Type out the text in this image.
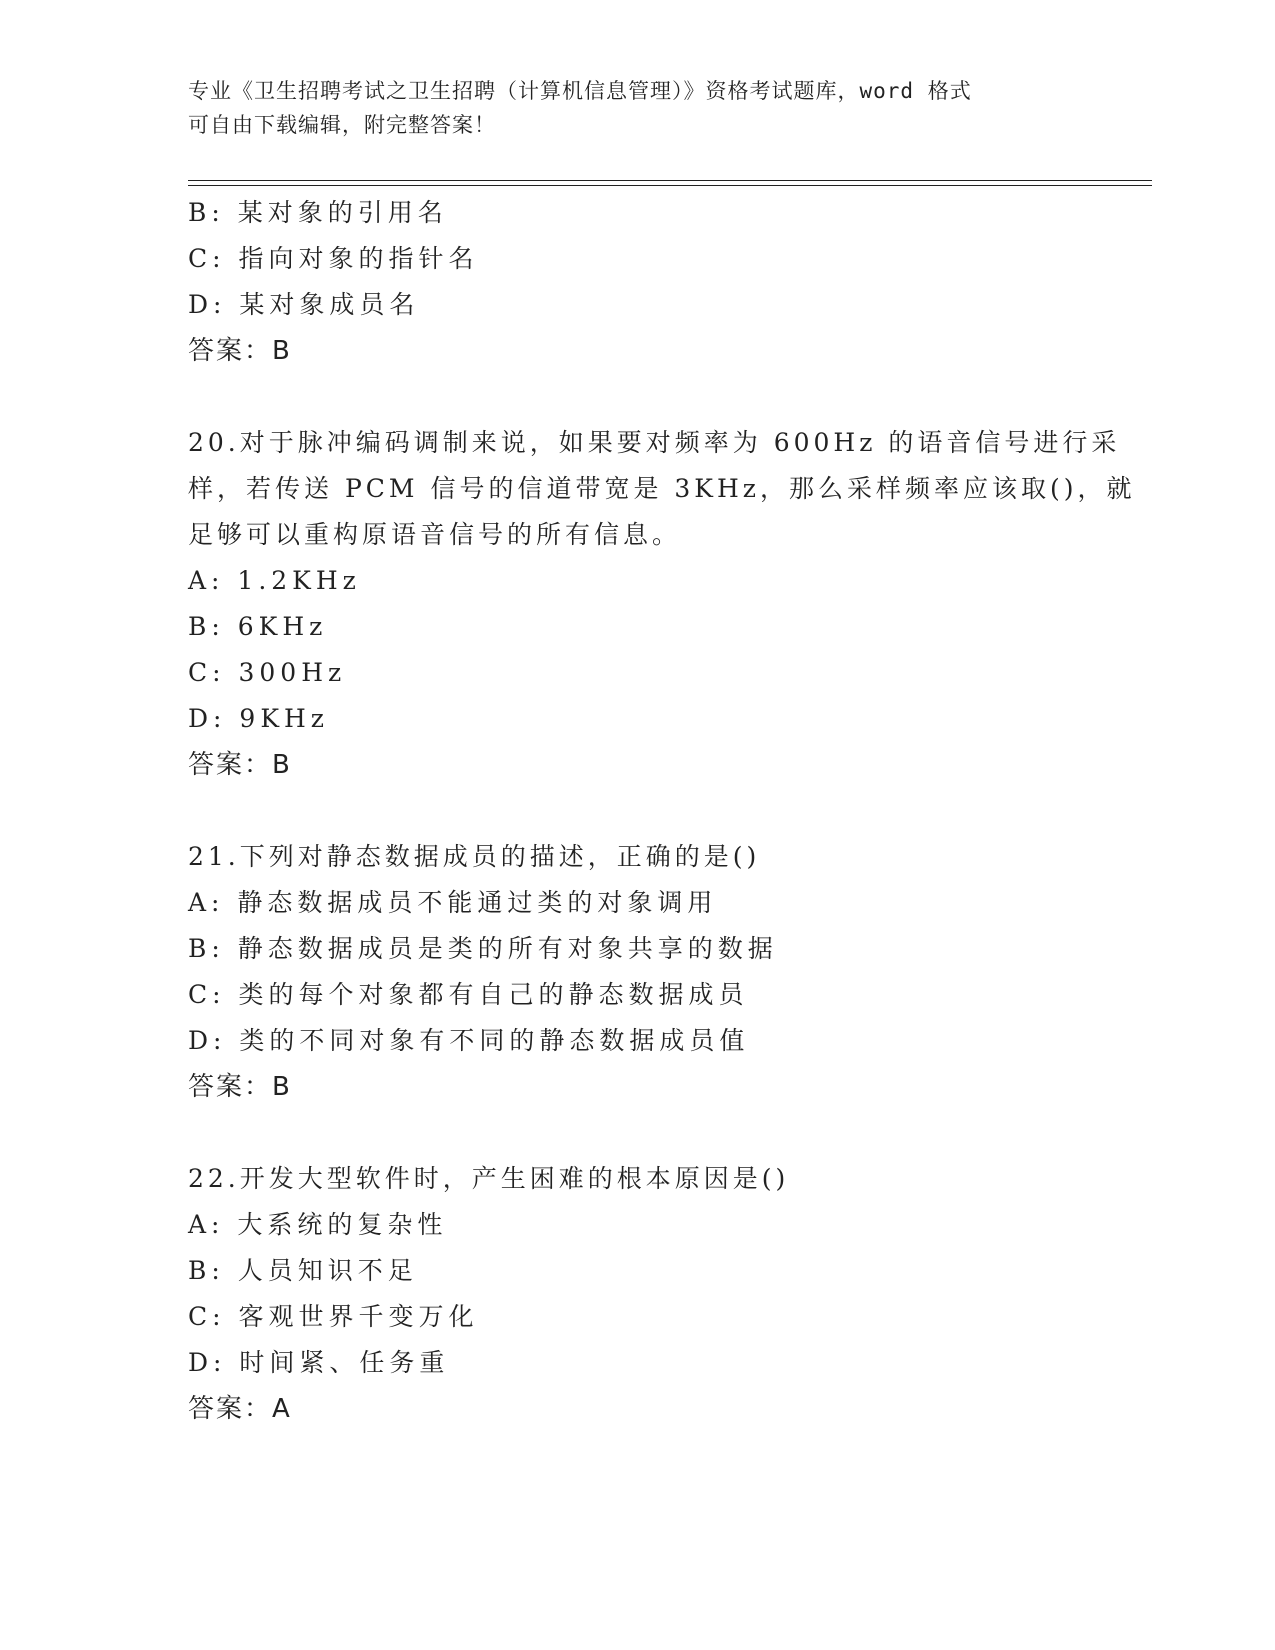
专业《卫生招聘考试之卫生招聘（计算机信息管理）》资格考试题库，word 格式
可自由下载编辑，附完整答案！
B: 某对象的引用名
C: 指向对象的指针名
D: 某对象成员名
答案：B
20.对于脉冲编码调制来说，如果要对频率为 600Hz 的语音信号进行采
样，若传送 PCM 信号的信道带宽是 3KHz，那么采样频率应该取()，就
足够可以重构原语音信号的所有信息。
A: 1.2KHz
B: 6KHz
C: 300Hz
D: 9KHz
答案：B
21.下列对静态数据成员的描述，正确的是()
A: 静态数据成员不能通过类的对象调用
B: 静态数据成员是类的所有对象共享的数据
C: 类的每个对象都有自己的静态数据成员
D: 类的不同对象有不同的静态数据成员值
答案：B
22.开发大型软件时，产生困难的根本原因是()
A: 大系统的复杂性
B: 人员知识不足
C: 客观世界千变万化
D: 时间紧、任务重
答案：A
